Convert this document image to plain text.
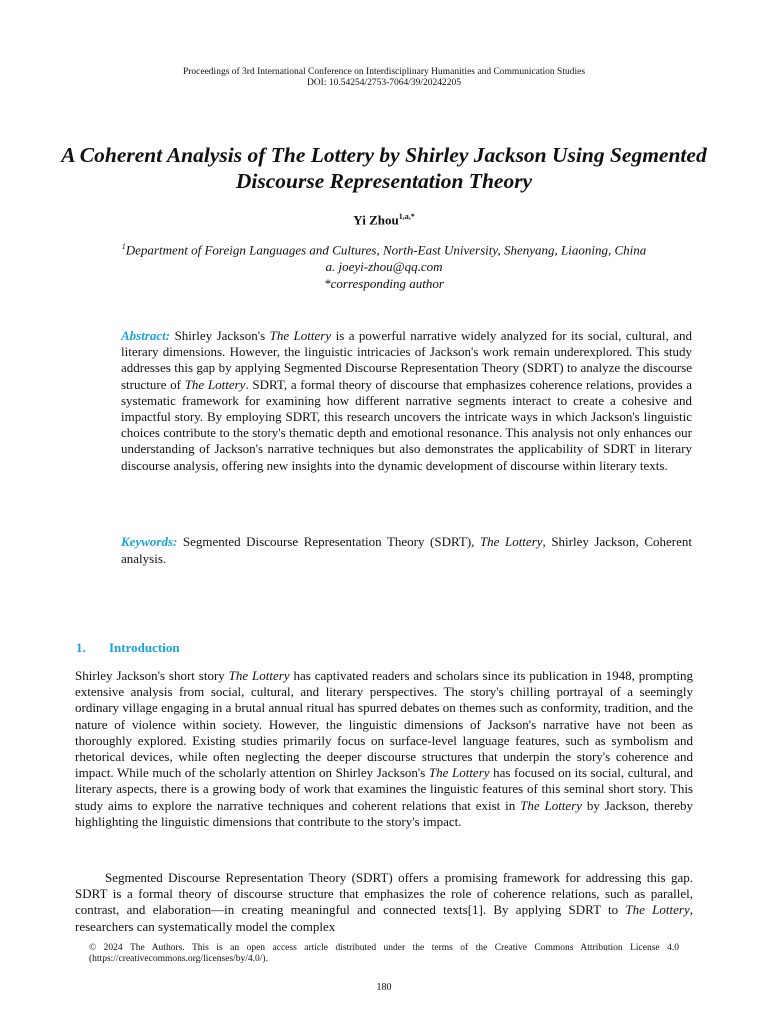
Proceedings of 3rd International Conference on Interdisciplinary Humanities and Communication Studies
DOI: 10.54254/2753-7064/39/20242205
A Coherent Analysis of The Lottery by Shirley Jackson Using Segmented Discourse Representation Theory
Yi Zhou$^{1,a,*}$
$^1$Department of Foreign Languages and Cultures, North-East University, Shenyang, Liaoning, China
a. joeyi-zhou@qq.com
*corresponding author
Abstract: Shirley Jackson's The Lottery is a powerful narrative widely analyzed for its social, cultural, and literary dimensions. However, the linguistic intricacies of Jackson's work remain underexplored. This study addresses this gap by applying Segmented Discourse Representation Theory (SDRT) to analyze the discourse structure of The Lottery. SDRT, a formal theory of discourse that emphasizes coherence relations, provides a systematic framework for examining how different narrative segments interact to create a cohesive and impactful story. By employing SDRT, this research uncovers the intricate ways in which Jackson's linguistic choices contribute to the story's thematic depth and emotional resonance. This analysis not only enhances our understanding of Jackson's narrative techniques but also demonstrates the applicability of SDRT in literary discourse analysis, offering new insights into the dynamic development of discourse within literary texts.
Keywords: Segmented Discourse Representation Theory (SDRT), The Lottery, Shirley Jackson, Coherent analysis.
1. Introduction
Shirley Jackson's short story The Lottery has captivated readers and scholars since its publication in 1948, prompting extensive analysis from social, cultural, and literary perspectives. The story's chilling portrayal of a seemingly ordinary village engaging in a brutal annual ritual has spurred debates on themes such as conformity, tradition, and the nature of violence within society. However, the linguistic dimensions of Jackson's narrative have not been as thoroughly explored. Existing studies primarily focus on surface-level language features, such as symbolism and rhetorical devices, while often neglecting the deeper discourse structures that underpin the story's coherence and impact. While much of the scholarly attention on Shirley Jackson's The Lottery has focused on its social, cultural, and literary aspects, there is a growing body of work that examines the linguistic features of this seminal short story. This study aims to explore the narrative techniques and coherent relations that exist in The Lottery by Jackson, thereby highlighting the linguistic dimensions that contribute to the story's impact.
Segmented Discourse Representation Theory (SDRT) offers a promising framework for addressing this gap. SDRT is a formal theory of discourse structure that emphasizes the role of coherence relations, such as parallel, contrast, and elaboration—in creating meaningful and connected texts[1]. By applying SDRT to The Lottery, researchers can systematically model the complex
© 2024 The Authors. This is an open access article distributed under the terms of the Creative Commons Attribution License 4.0 (https://creativecommons.org/licenses/by/4.0/).
180
